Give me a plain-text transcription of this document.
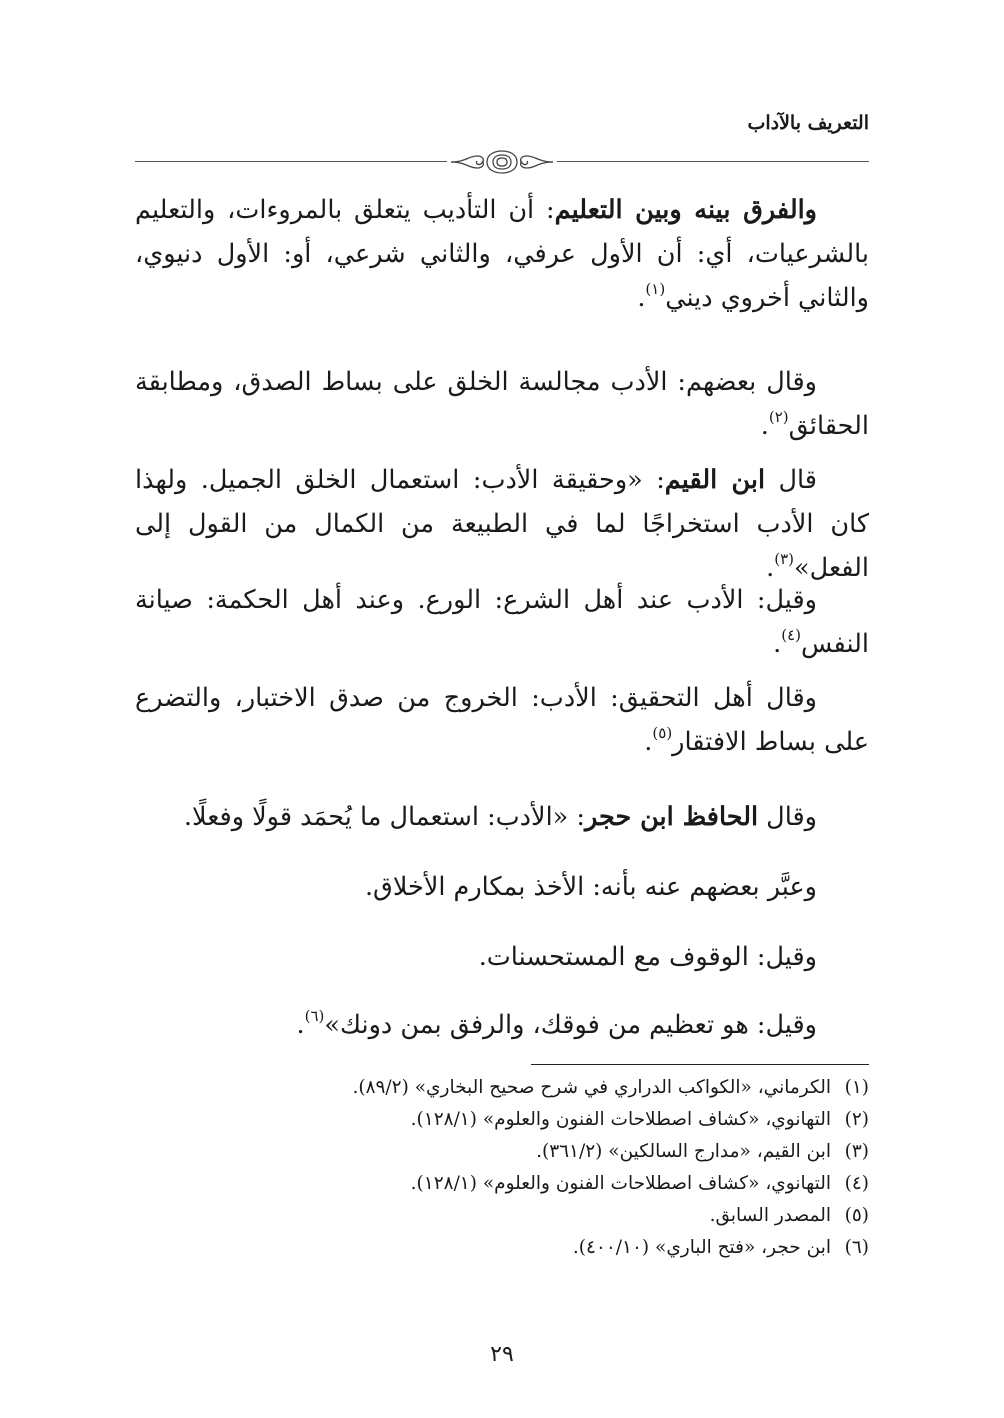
التعريف بالآداب

والفرق بينه وبين التعليم: أن التأديب يتعلق بالمروءات، والتعليم بالشرعيات، أي: أن الأول عرفي، والثاني شرعي، أو: الأول دنيوي، والثاني أخروي ديني$^{(١)}$.

وقال بعضهم: الأدب مجالسة الخلق على بساط الصدق، ومطابقة الحقائق$^{(٢)}$.

قال ابن القيم: «وحقيقة الأدب: استعمال الخلق الجميل. ولهذا كان الأدب استخراجًا لما في الطبيعة من الكمال من القول إلى الفعل»$^{(٣)}$.

وقيل: الأدب عند أهل الشرع: الورع. وعند أهل الحكمة: صيانة النفس$^{(٤)}$.

وقال أهل التحقيق: الأدب: الخروج من صدق الاختبار، والتضرع على بساط الافتقار$^{(٥)}$.

وقال الحافظ ابن حجر: «الأدب: استعمال ما يُحمَد قولًا وفعلًا.

وعبَّر بعضهم عنه بأنه: الأخذ بمكارم الأخلاق.

وقيل: الوقوف مع المستحسنات.

وقيل: هو تعظيم من فوقك، والرفق بمن دونك»$^{(٦)}$.

(١)الكرماني، «الكواكب الدراري في شرح صحيح البخاري» (٨٩/٢).

(٢)التهانوي، «كشاف اصطلاحات الفنون والعلوم» (١٢٨/١).

(٣)ابن القيم، «مدارج السالكين» (٣٦١/٢).

(٤)التهانوي، «كشاف اصطلاحات الفنون والعلوم» (١٢٨/١).

(٥)المصدر السابق.

(٦)ابن حجر، «فتح الباري» (٤٠٠/١٠).

٢٩
